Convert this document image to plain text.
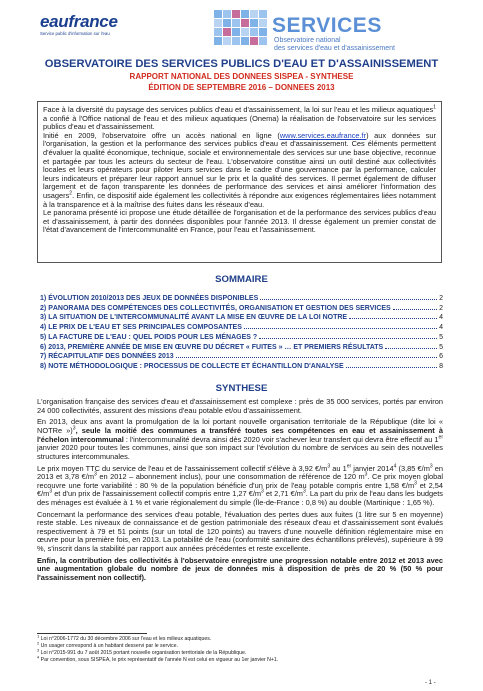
eaufrance
Service public d'information sur l'eau	SERVICES
Observatoire national
des services d'eau et d'assainissement
OBSERVATOIRE DES SERVICES PUBLICS D'EAU ET D'ASSAINISSEMENT
RAPPORT NATIONAL DES DONNEES SISPEA - SYNTHESE
ÉDITION DE SEPTEMBRE 2016 – DONNEES 2013

Face à la diversité du paysage des services publics d'eau et d'assainissement, la loi sur l'eau et les milieux aquatiques$^1$ a confié à l'Office national de l'eau et des milieux aquatiques (Onema) la réalisation de l'observatoire sur les services publics d'eau et d'assainissement.

Initié en 2009, l'observatoire offre un accès national en ligne (www.services.eaufrance.fr) aux données sur l'organisation, la gestion et la performance des services publics d'eau et d'assainissement. Ces éléments permettent d'évaluer la qualité économique, technique, sociale et environnementale des services sur une base objective, reconnue et partagée par tous les acteurs du secteur de l'eau. L'observatoire constitue ainsi un outil destiné aux collectivités locales et leurs opérateurs pour piloter leurs services dans le cadre d'une gouvernance par la performance, calculer leurs indicateurs et préparer leur rapport annuel sur le prix et la qualité des services. Il permet également de diffuser largement et de façon transparente les données de performance des services et ainsi améliorer l'information des usagers$^2$. Enfin, ce dispositif aide également les collectivités à répondre aux exigences réglementaires liées notamment à la transparence et à la maîtrise des fuites dans les réseaux d'eau.

Le panorama présenté ici propose une étude détaillée de l'organisation et de la performance des services publics d'eau et d'assainissement, à partir des données disponibles pour l'année 2013. Il dresse également un premier constat de l'état d'avancement de l'intercommunalité en France, pour l'eau et l'assainissement.

SOMMAIRE
1) ÉVOLUTION 2010/2013 DES JEUX DE DONNÉES DISPONIBLES	2
2) PANORAMA DES COMPÉTENCES DES COLLECTIVITÉS, ORGANISATION ET GESTION DES SERVICES	2
3) LA SITUATION DE L'INTERCOMMUNALITÉ AVANT LA MISE EN ŒUVRE DE LA LOI NOTRE	4
4) LE PRIX DE L'EAU ET SES PRINCIPALES COMPOSANTES	4
5) LA FACTURE DE L'EAU : QUEL POIDS POUR LES MÉNAGES ?	5
6) 2013, PREMIÈRE ANNÉE DE MISE EN ŒUVRE DU DÉCRET « FUITES » … ET PREMIERS RÉSULTATS	5
7) RÉCAPITULATIF DES DONNÉES 2013	6
8) NOTE MÉTHODOLOGIQUE : PROCESSUS DE COLLECTE ET ÉCHANTILLON D'ANALYSE	8
SYNTHESE

L'organisation française des services d'eau et d'assainissement est complexe : près de 35 000 services, portés par environ 24 000 collectivités, assurent des missions d'eau potable et/ou d'assainissement.

En 2013, deux ans avant la promulgation de la loi portant nouvelle organisation territoriale de la République (dite loi « NOTRe »)$^3$, seule la moitié des communes a transféré toutes ses compétences en eau et assainissement à l'échelon intercommunal : l'intercommunalité devra ainsi dès 2020 voir s'achever leur transfert qui devra être effectif au 1er janvier 2020 pour toutes les communes, ainsi que son impact sur l'évolution du nombre de services au sein des nouvelles structures intercommunales.

Le prix moyen TTC du service de l'eau et de l'assainissement collectif s'élève à 3,92 $€/m^3$ au 1er janvier 2014$^4$ (3,85 $€/m^3$ en 2013 et 3,78 $€/m^3$ en 2012 – abonnement inclus), pour une consommation de référence de 120 $m^3$. Ce prix moyen global recouvre une forte variabilité : 80 % de la population bénéficie d'un prix de l'eau potable compris entre 1,58 $€/m^3$ et 2,54 $€/m^3$ et d'un prix de l'assainissement collectif compris entre 1,27 $€/m^3$ et 2,71 $€/m^3$. La part du prix de l'eau dans les budgets des ménages est évaluée à 1 % et varie régionalement du simple (Île-de-France : 0,8 %) au double (Martinique : 1,65 %).

Concernant la performance des services d'eau potable, l'évaluation des pertes dues aux fuites (1 litre sur 5 en moyenne) reste stable. Les niveaux de connaissance et de gestion patrimoniale des réseaux d'eau et d'assainissement sont évalués respectivement à 79 et 51 points (sur un total de 120 points) au travers d'une nouvelle définition réglementaire mise en œuvre pour la première fois, en 2013. La potabilité de l'eau (conformité sanitaire des échantillons prélevés), supérieure à 99 %, s'inscrit dans la stabilité par rapport aux années précédentes et reste excellente.

Enfin, la contribution des collectivités à l'observatoire enregistre une progression notable entre 2012 et 2013 avec une augmentation globale du nombre de jeux de données mis à disposition de près de 20 % (50 % pour l'assainissement non collectif).

$^1$ Loi n°2006-1772 du 30 décembre 2006 sur l'eau et les milieux aquatiques.
$^2$ Un usager correspond à un habitant desservi par le service.
$^3$ Loi n°2015-991 du 7 août 2015 portant nouvelle organisation territoriale de la République.
$^4$ Par convention, sous SISPEA, le prix représentatif de l'année N est celui en vigueur au 1er janvier N+1.
- 1 -
